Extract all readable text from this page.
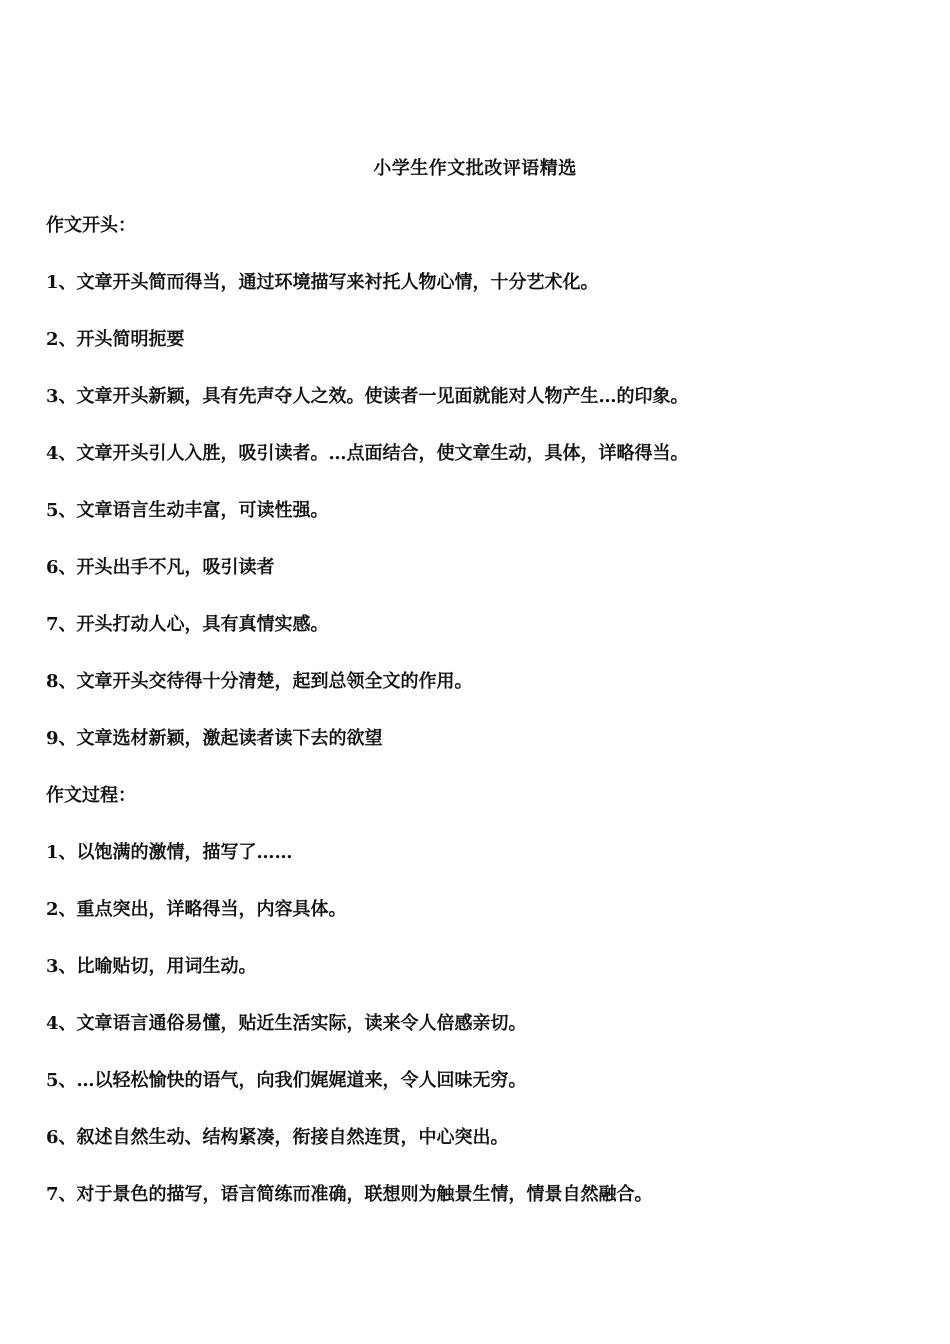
小学生作文批改评语精选
作文开头：
1、文章开头简而得当，通过环境描写来衬托人物心情，十分艺术化。
2、开头简明扼要
3、文章开头新颖，具有先声夺人之效。使读者一见面就能对人物产生…的印象。
4、文章开头引人入胜，吸引读者。…点面结合，使文章生动，具体，详略得当。
5、文章语言生动丰富，可读性强。
6、开头出手不凡，吸引读者
7、开头打动人心，具有真情实感。
8、文章开头交待得十分清楚，起到总领全文的作用。
9、文章选材新颖，激起读者读下去的欲望
作文过程：
1、以饱满的激情，描写了……
2、重点突出，详略得当，内容具体。
3、比喻贴切，用词生动。
4、文章语言通俗易懂，贴近生活实际，读来令人倍感亲切。
5、…以轻松愉快的语气，向我们娓娓道来，令人回味无穷。
6、叙述自然生动、结构紧凑，衔接自然连贯，中心突出。
7、对于景色的描写，语言简练而准确，联想则为触景生情，情景自然融合。
